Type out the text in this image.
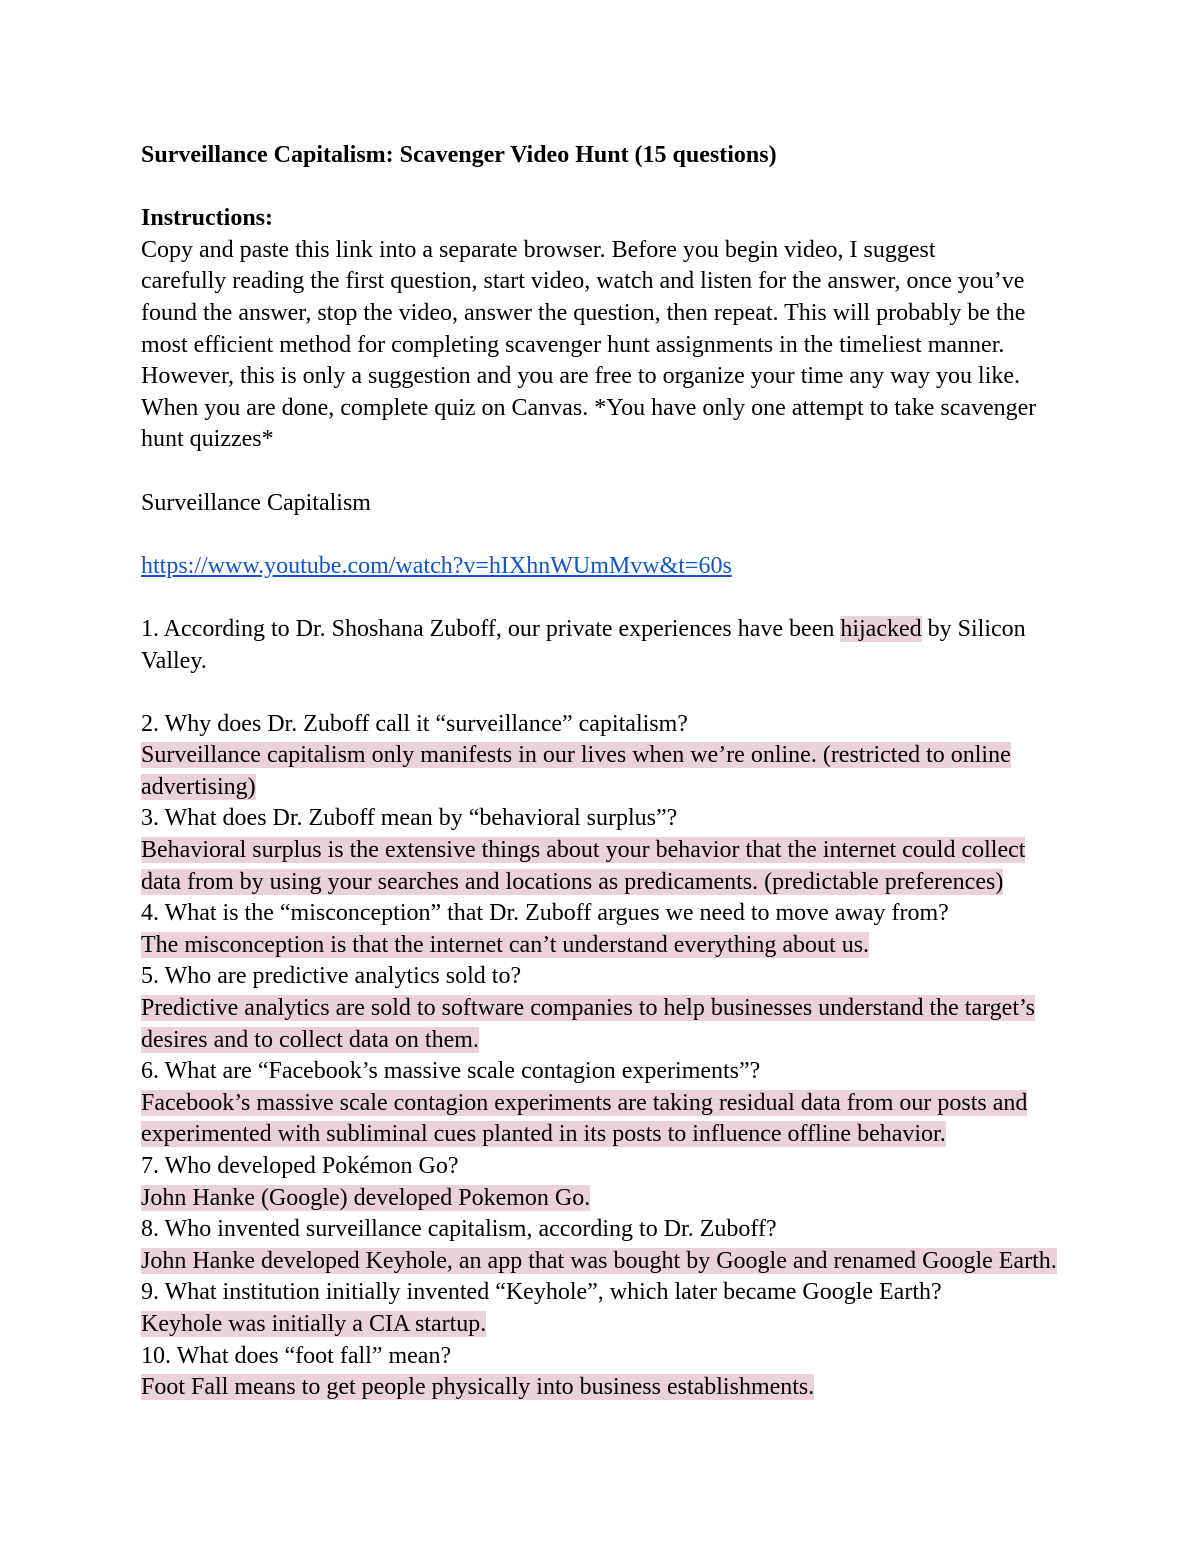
Surveillance Capitalism: Scavenger Video Hunt (15 questions)
Instructions:
Copy and paste this link into a separate browser. Before you begin video, I suggest
carefully reading the first question, start video, watch and listen for the answer, once you’ve
found the answer, stop the video, answer the question, then repeat. This will probably be the
most efficient method for completing scavenger hunt assignments in the timeliest manner.
However, this is only a suggestion and you are free to organize your time any way you like.
When you are done, complete quiz on Canvas. *You have only one attempt to take scavenger
hunt quizzes*
Surveillance Capitalism
https://www.youtube.com/watch?v=hIXhnWUmMvw&t=60s
1. According to Dr. Shoshana Zuboff, our private experiences have been hijacked by Silicon
Valley.
2. Why does Dr. Zuboff call it “surveillance” capitalism?
Surveillance capitalism only manifests in our lives when we’re online. (restricted to online
advertising)
3. What does Dr. Zuboff mean by “behavioral surplus”?
Behavioral surplus is the extensive things about your behavior that the internet could collect
data from by using your searches and locations as predicaments. (predictable preferences)
4. What is the “misconception” that Dr. Zuboff argues we need to move away from?
The misconception is that the internet can’t understand everything about us.
5. Who are predictive analytics sold to?
Predictive analytics are sold to software companies to help businesses understand the target’s
desires and to collect data on them.
6. What are “Facebook’s massive scale contagion experiments”?
Facebook’s massive scale contagion experiments are taking residual data from our posts and
experimented with subliminal cues planted in its posts to influence offline behavior.
7. Who developed Pokémon Go?
John Hanke (Google) developed Pokemon Go.
8. Who invented surveillance capitalism, according to Dr. Zuboff?
John Hanke developed Keyhole, an app that was bought by Google and renamed Google Earth.
9. What institution initially invented “Keyhole”, which later became Google Earth?
Keyhole was initially a CIA startup.
10. What does “foot fall” mean?
Foot Fall means to get people physically into business establishments.
